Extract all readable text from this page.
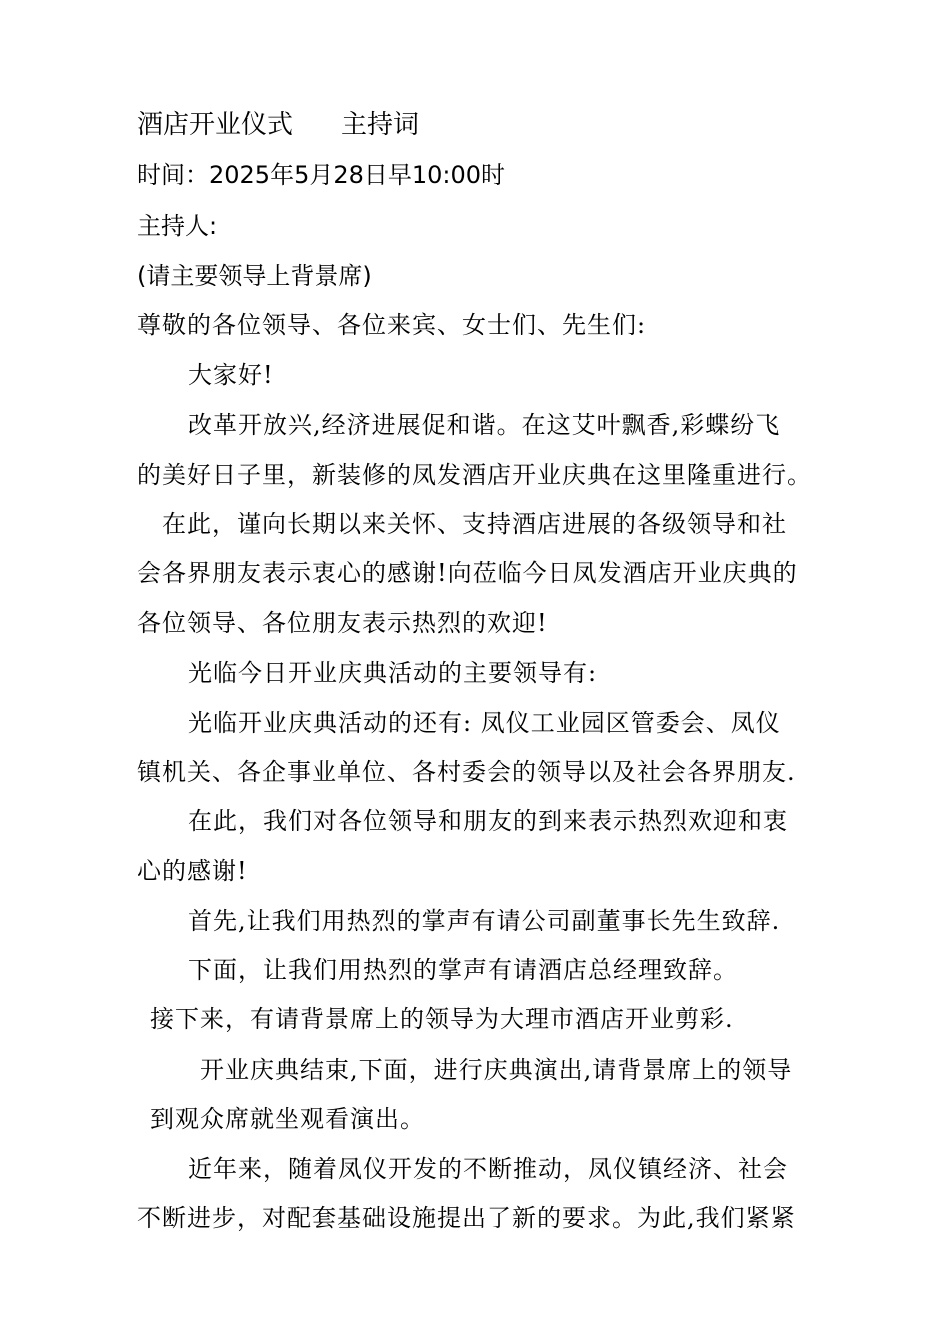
酒店开业仪式 主持词
时间：2025年5月28日早10:00时
主持人:
(请主要领导上背景席)
尊敬的各位领导、各位来宾、女士们、先生们:
大家好!
改革开放兴,经济进展促和谐。在这艾叶飘香,彩蝶纷飞
的美好日子里，新装修的凤发酒店开业庆典在这里隆重进行。
在此，谨向长期以来关怀、支持酒店进展的各级领导和社
会各界朋友表示衷心的感谢!向莅临今日凤发酒店开业庆典的
各位领导、各位朋友表示热烈的欢迎!
光临今日开业庆典活动的主要领导有:
光临开业庆典活动的还有: 凤仪工业园区管委会、凤仪
镇机关、各企事业单位、各村委会的领导以及社会各界朋友.
在此，我们对各位领导和朋友的到来表示热烈欢迎和衷
心的感谢!
首先,让我们用热烈的掌声有请公司副董事长先生致辞.
下面，让我们用热烈的掌声有请酒店总经理致辞。
接下来，有请背景席上的领导为大理市酒店开业剪彩.
开业庆典结束,下面，进行庆典演出,请背景席上的领导
到观众席就坐观看演出。
近年来，随着凤仪开发的不断推动，凤仪镇经济、社会
不断进步，对配套基础设施提出了新的要求。为此,我们紧紧
